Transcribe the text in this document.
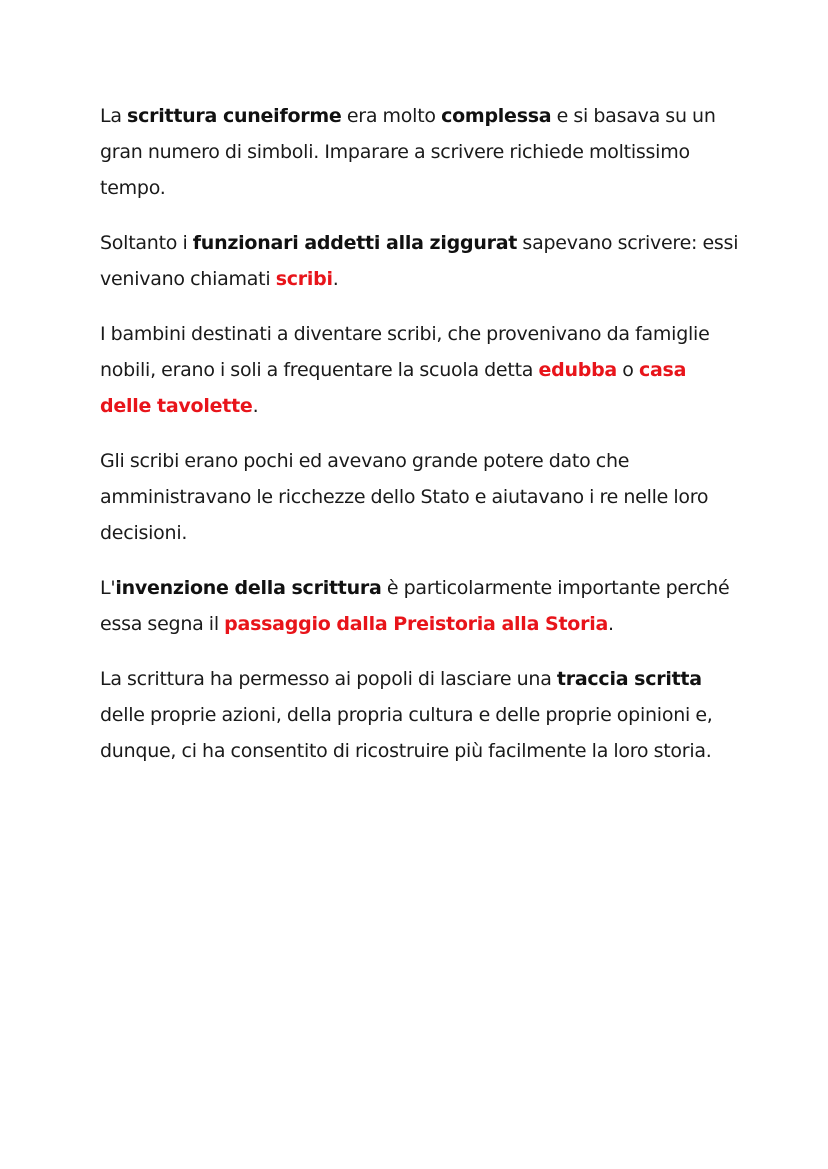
La scrittura cuneiforme era molto complessa e si basava su un gran numero di simboli. Imparare a scrivere richiede moltissimo tempo.

Soltanto i funzionari addetti alla ziggurat sapevano scrivere: essi venivano chiamati scribi.

I bambini destinati a diventare scribi, che provenivano da famiglie nobili, erano i soli a frequentare la scuola detta edubba o casa delle tavolette.

Gli scribi erano pochi ed avevano grande potere dato che amministravano le ricchezze dello Stato e aiutavano i re nelle loro decisioni.

L'invenzione della scrittura è particolarmente importante perché essa segna il passaggio dalla Preistoria alla Storia.

La scrittura ha permesso ai popoli di lasciare una traccia scritta delle proprie azioni, della propria cultura e delle proprie opinioni e, dunque, ci ha consentito di ricostruire più facilmente la loro storia.
